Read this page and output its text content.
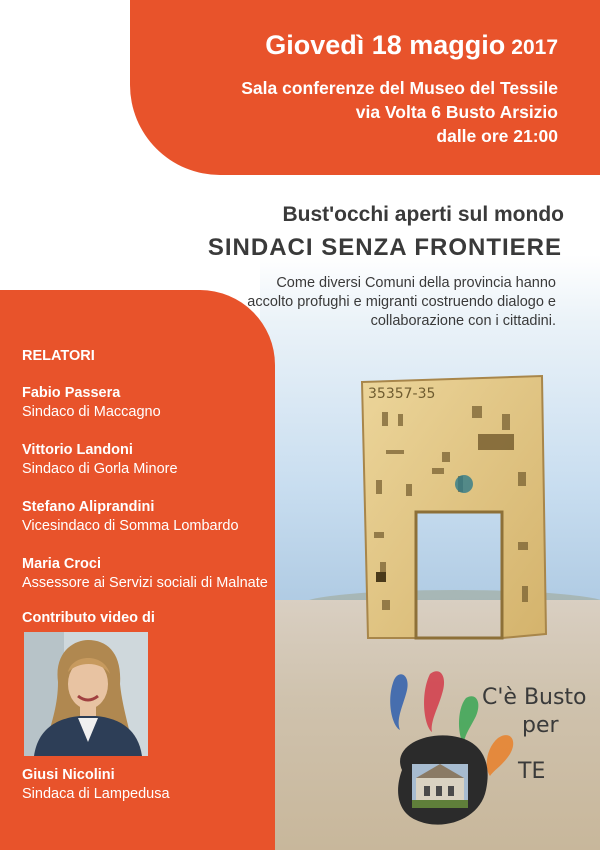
35357-35
Giovedì 18 maggio 2017
Sala conferenze del Museo del Tessile
via Volta 6 Busto Arsizio
dalle ore 21:00
Bust'occhi aperti sul mondo
SINDACI SENZA FRONTIERE
Come diversi Comuni della provincia hanno accolto profughi e migranti costruendo dialogo e collaborazione con i cittadini.
RELATORI
Fabio Passera
Sindaco di Maccagno
Vittorio Landoni
Sindaco di Gorla Minore
Stefano Aliprandini
Vicesindaco di Somma Lombardo
Maria Croci
Assessore ai Servizi sociali di Malnate
Contributo video di
Giusi Nicolini
Sindaca di Lampedusa
C'è Busto
per
TE
